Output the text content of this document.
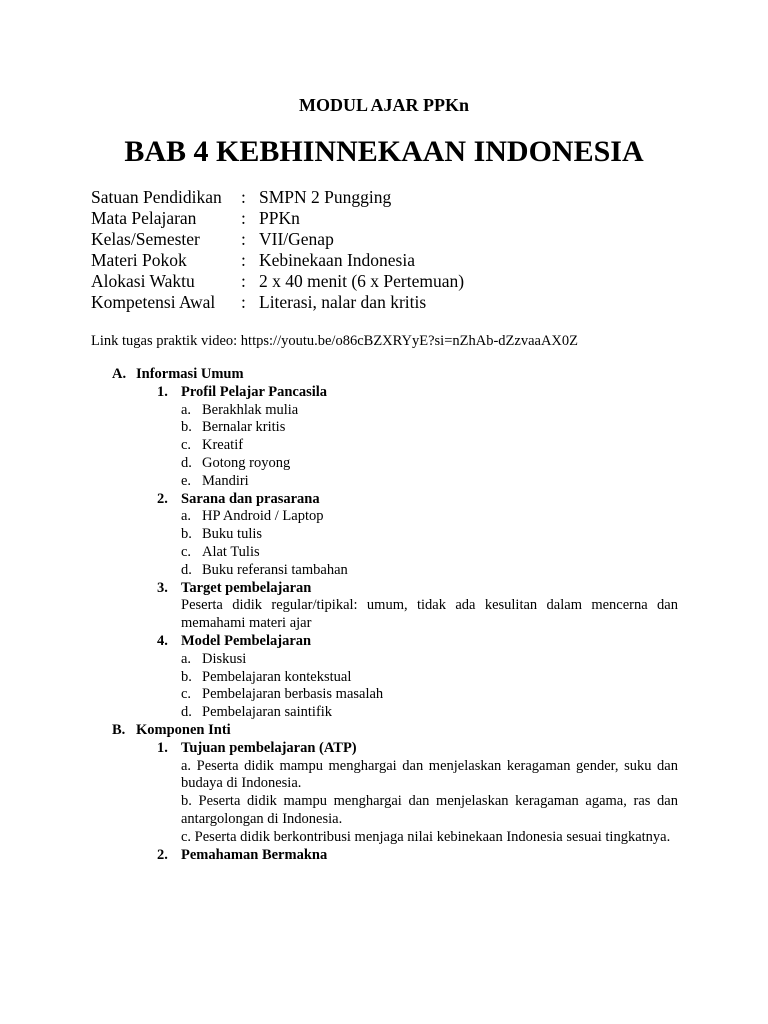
MODUL AJAR PPKn
BAB 4 KEBHINNEKAAN INDONESIA
Satuan Pendidikan : SMPN 2 Pungging
Mata Pelajaran	: PPKn
Kelas/Semester : VII/Genap
Materi Pokok	: Kebinekaan Indonesia
Alokasi Waktu	: 2 x 40 menit (6 x Pertemuan)
Kompetensi Awal : Literasi, nalar dan kritis
Link tugas praktik video: https://youtu.be/o86cBZXRYyE?si=nZhAb-dZzvaaAX0Z
A. Informasi Umum
1. Profil Pelajar Pancasila
a. Berakhlak mulia
b. Bernalar kritis
c. Kreatif
d. Gotong royong
e. Mandiri
2. Sarana dan prasarana
a. HP Android / Laptop
b. Buku tulis
c. Alat Tulis
d. Buku referansi tambahan
3. Target pembelajaran
Peserta didik regular/tipikal: umum, tidak ada kesulitan dalam mencerna dan memahami materi ajar
4. Model Pembelajaran
a. Diskusi
b. Pembelajaran kontekstual
c. Pembelajaran berbasis masalah
d. Pembelajaran saintifik
B. Komponen Inti
1. Tujuan pembelajaran (ATP)
a. Peserta didik mampu menghargai dan menjelaskan keragaman gender, suku dan budaya di Indonesia.
b. Peserta didik mampu menghargai dan menjelaskan keragaman agama, ras dan antargolongan di Indonesia.
c. Peserta didik berkontribusi menjaga nilai kebinekaan Indonesia sesuai tingkatnya.
2. Pemahaman Bermakna
